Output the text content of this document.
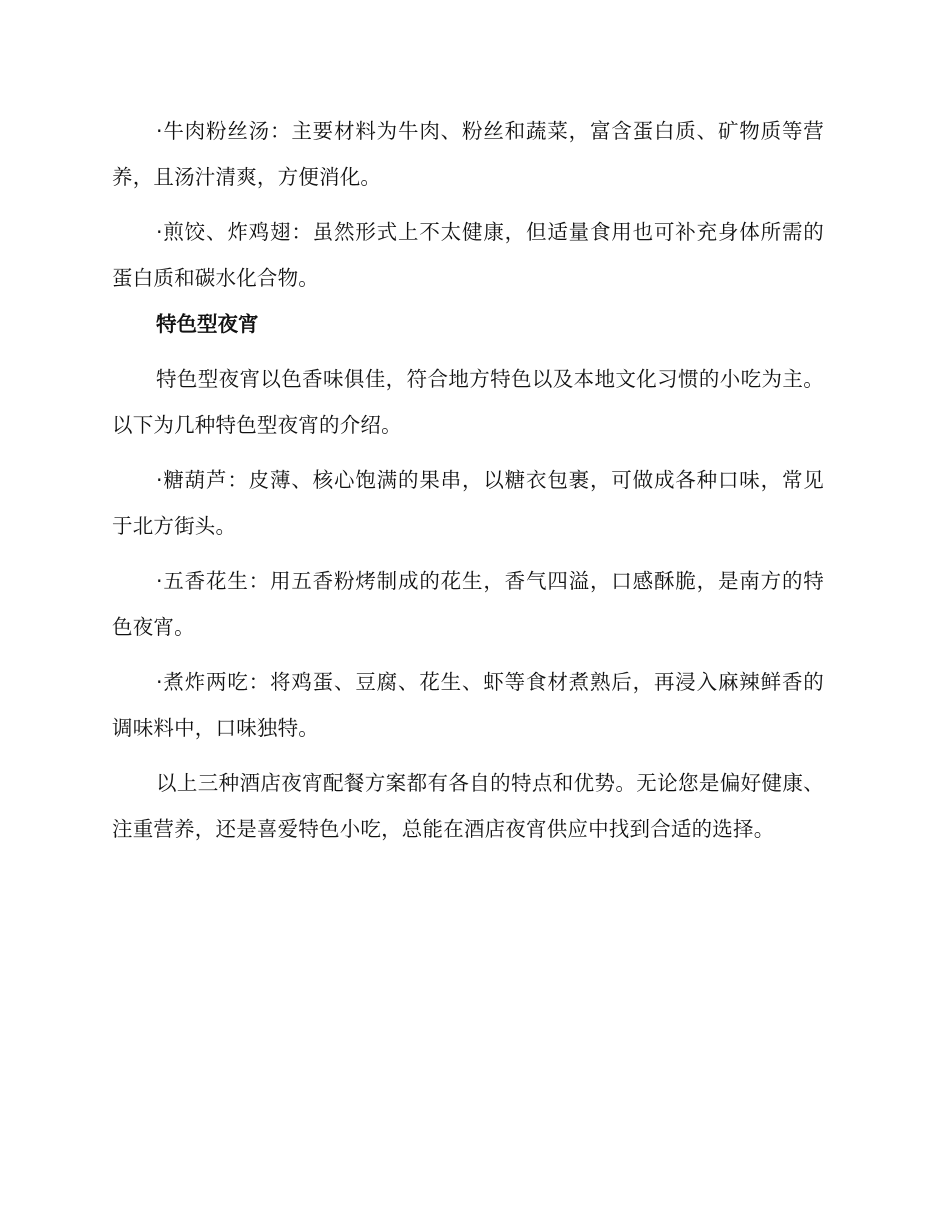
·牛肉粉丝汤：主要材料为牛肉、粉丝和蔬菜，富含蛋白质、矿物质等营养，且汤汁清爽，方便消化。

·煎饺、炸鸡翅：虽然形式上不太健康，但适量食用也可补充身体所需的蛋白质和碳水化合物。

特色型夜宵

特色型夜宵以色香味俱佳，符合地方特色以及本地文化习惯的小吃为主。以下为几种特色型夜宵的介绍。

·糖葫芦：皮薄、核心饱满的果串，以糖衣包裹，可做成各种口味，常见于北方街头。

·五香花生：用五香粉烤制成的花生，香气四溢，口感酥脆，是南方的特色夜宵。

·煮炸两吃：将鸡蛋、豆腐、花生、虾等食材煮熟后，再浸入麻辣鲜香的调味料中，口味独特。

以上三种酒店夜宵配餐方案都有各自的特点和优势。无论您是偏好健康、注重营养，还是喜爱特色小吃，总能在酒店夜宵供应中找到合适的选择。
